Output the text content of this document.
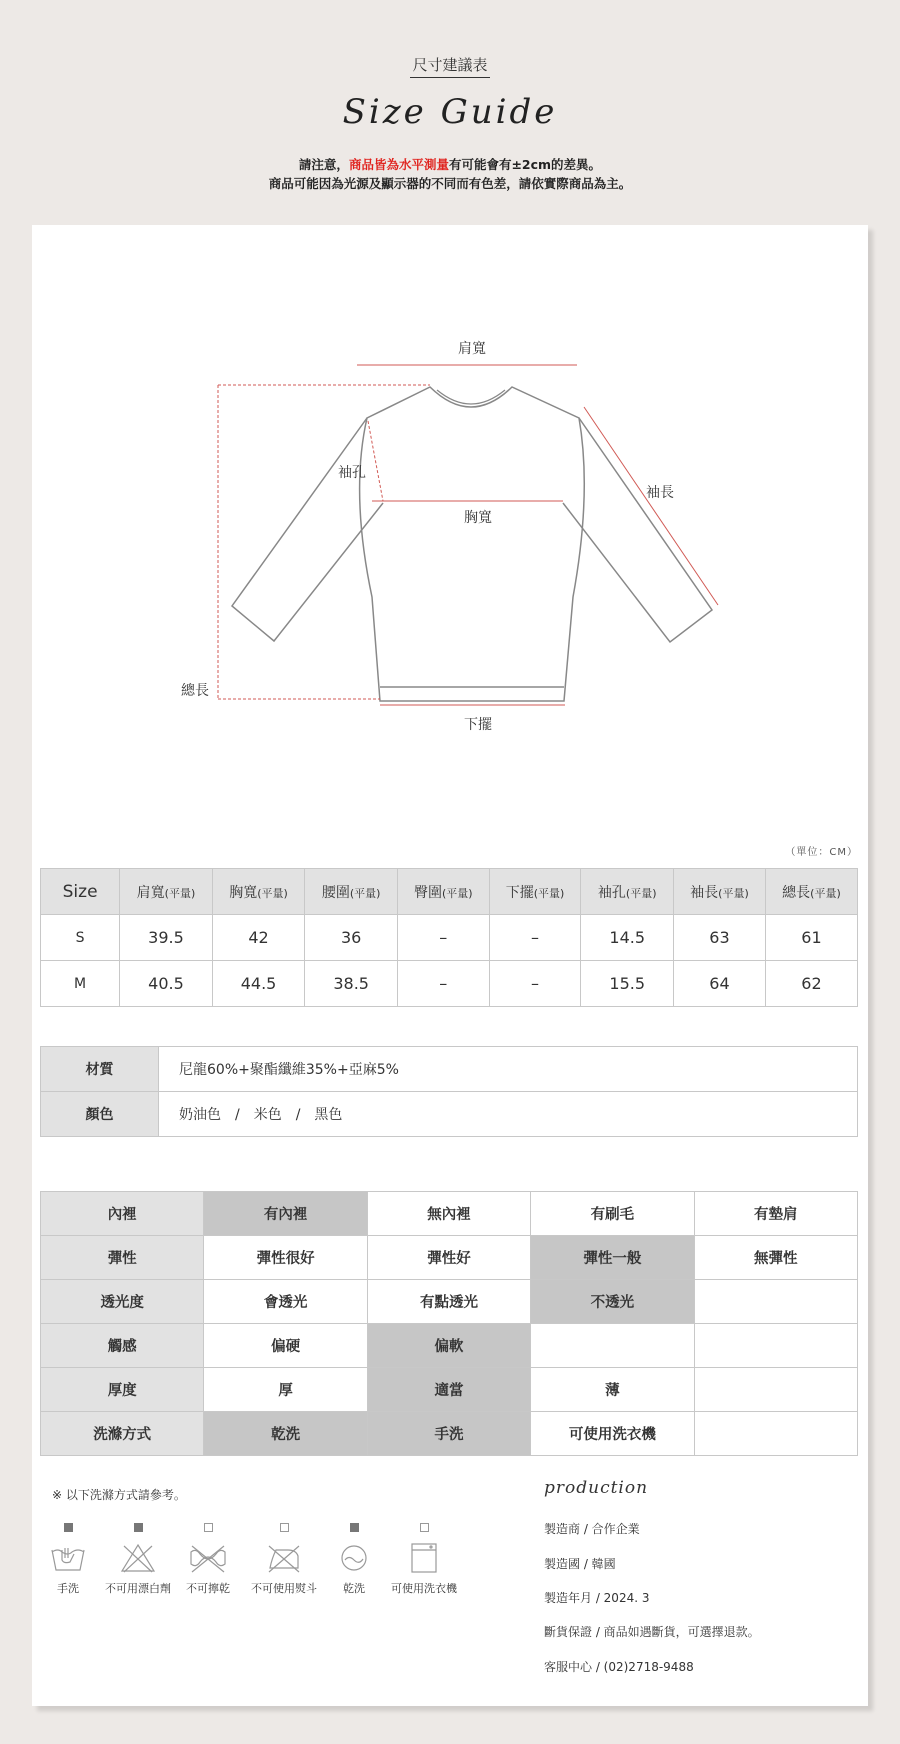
尺寸建議表
Size Guide
請注意，商品皆為水平測量有可能會有±2cm的差異。
商品可能因為光源及顯示器的不同而有色差，請依實際商品為主。
肩寬
袖孔
胸寬
袖長
總長
下擺
（單位：CM）
Size	肩寬(平量)	胸寬(平量)	腰圍(平量)	臀圍(平量)	下擺(平量)	袖孔(平量)	袖長(平量)	總長(平量)
S	39.5	42	36	–	–	14.5	63	61
M	40.5	44.5	38.5	–	–	15.5	64	62
材質	尼龍60%+聚酯纖維35%+亞麻5%
顏色	奶油色　/　米色　/　黑色
內裡	有內裡	無內裡	有刷毛	有墊肩
彈性	彈性很好	彈性好	彈性一般	無彈性
透光度	會透光	有點透光	不透光	
觸感	偏硬	偏軟		
厚度	厚	適當	薄	
洗滌方式	乾洗	手洗	可使用洗衣機	
※ 以下洗滌方式請參考。
手洗	不可用漂白劑	不可擰乾	不可使用熨斗	乾洗	可使用洗衣機
production
製造商 / 合作企業
製造國 / 韓國
製造年月 / 2024. 3
斷貨保證 / 商品如遇斷貨，可選擇退款。
客服中心 / (02)2718-9488
